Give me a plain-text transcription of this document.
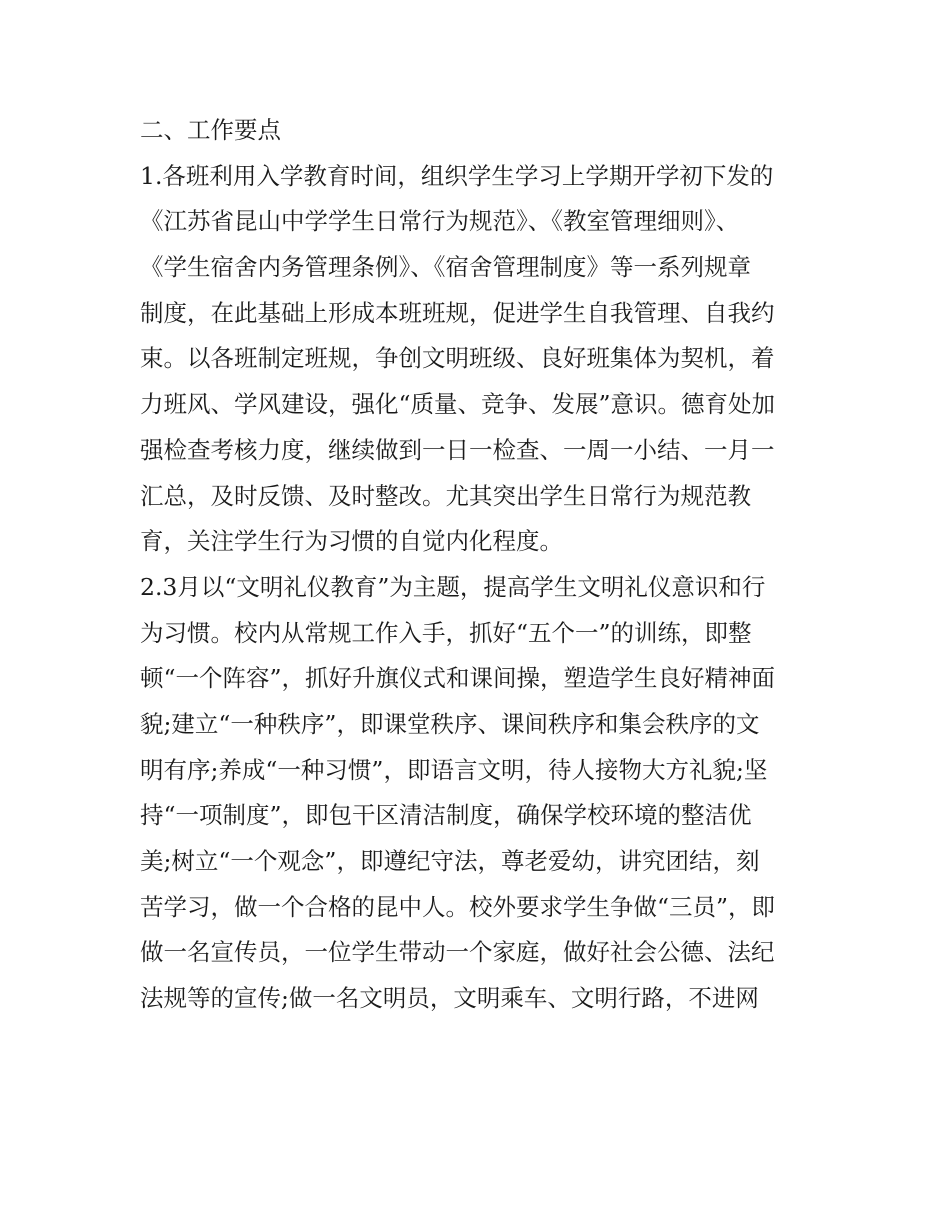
二、工作要点
1.各班利用入学教育时间，组织学生学习上学期开学初下发的
《江苏省昆山中学学生日常行为规范》、《教室管理细则》、
《学生宿舍内务管理条例》、《宿舍管理制度》等一系列规章
制度，在此基础上形成本班班规，促进学生自我管理、自我约
束。以各班制定班规，争创文明班级、良好班集体为契机，着
力班风、学风建设，强化“质量、竞争、发展”意识。德育处加
强检查考核力度，继续做到一日一检查、一周一小结、一月一
汇总，及时反馈、及时整改。尤其突出学生日常行为规范教
育，关注学生行为习惯的自觉内化程度。
2.3月以“文明礼仪教育”为主题，提高学生文明礼仪意识和行
为习惯。校内从常规工作入手，抓好“五个一”的训练，即整
顿“一个阵容”，抓好升旗仪式和课间操，塑造学生良好精神面
貌;建立“一种秩序”，即课堂秩序、课间秩序和集会秩序的文
明有序;养成“一种习惯”，即语言文明，待人接物大方礼貌;坚
持“一项制度”，即包干区清洁制度，确保学校环境的整洁优
美;树立“一个观念”，即遵纪守法，尊老爱幼，讲究团结，刻
苦学习，做一个合格的昆中人。校外要求学生争做“三员”，即
做一名宣传员，一位学生带动一个家庭，做好社会公德、法纪
法规等的宣传;做一名文明员，文明乘车、文明行路，不进网
